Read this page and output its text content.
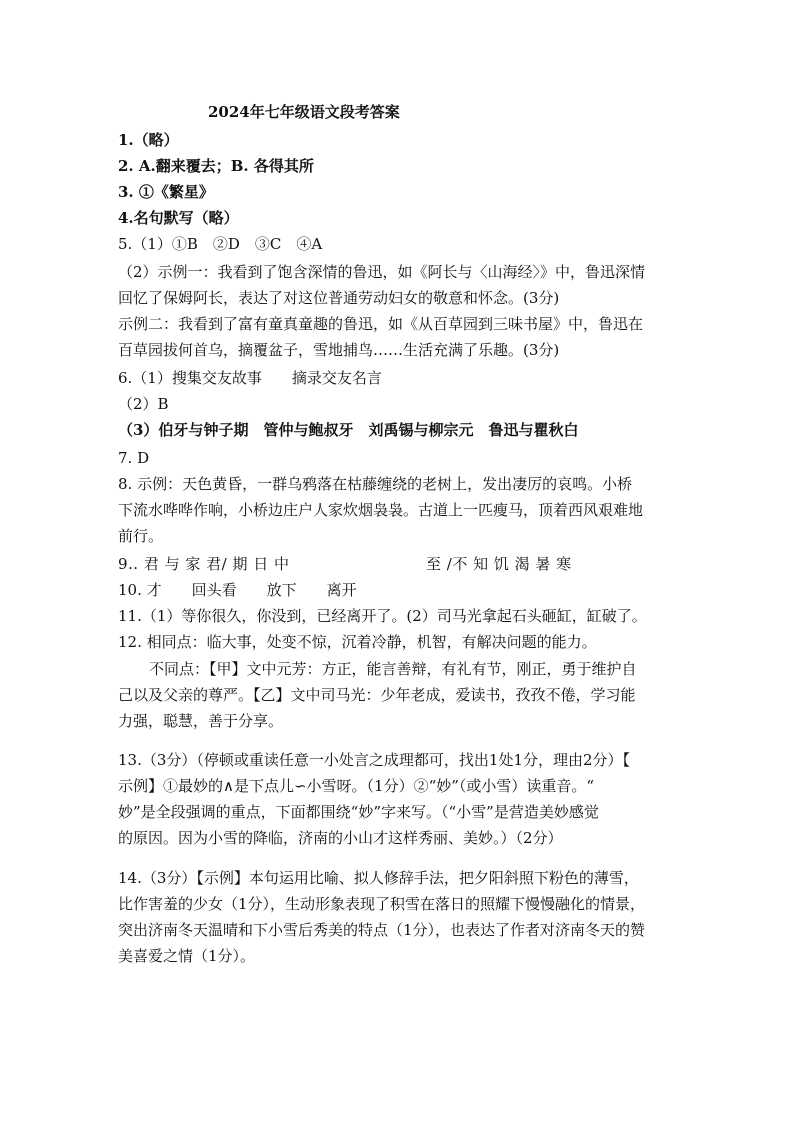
2024年七年级语文段考答案
1.（略）
2. A.翻来覆去；B. 各得其所
3. ①《繁星》
4.名句默写（略）
5.（1）①B　②D　③C　④A
（2）示例一：我看到了饱含深情的鲁迅，如《阿长与〈山海经〉》中，鲁迅深情
回忆了保姆阿长，表达了对这位普通劳动妇女的敬意和怀念。(3分)
示例二：我看到了富有童真童趣的鲁迅，如《从百草园到三味书屋》中，鲁迅在
百草园拔何首乌，摘覆盆子，雪地捕鸟……生活充满了乐趣。(3分)
6.（1）搜集交友故事　　摘录交友名言
（2）B
（3）伯牙与钟子期　管仲与鲍叔牙　刘禹锡与柳宗元　鲁迅与瞿秋白
7. D
8. 示例：天色黄昏，一群乌鸦落在枯藤缠绕的老树上，发出凄厉的哀鸣。小桥
下流水哗哗作响，小桥边庄户人家炊烟袅袅。古道上一匹瘦马，顶着西风艰难地
前行。
9.. 君 与 家 君/ 期 日 中	至 /不 知 饥 渴 暑 寒
10. 才　　回头看　　放下　　离开
11.（1）等你很久，你没到，已经离开了。(2）司马光拿起石头砸缸，缸破了。
12. 相同点：临大事，处变不惊，沉着冷静，机智，有解决问题的能力。
不同点：【甲】文中元芳：方正，能言善辩，有礼有节，刚正，勇于维护自
己以及父亲的尊严。【乙】文中司马光：少年老成，爱读书，孜孜不倦，学习能
力强，聪慧，善于分享。
13.（3分）（停顿或重读任意一小处言之成理都可，找出1处1分，理由2分）【
示例】①最妙的∧是下点儿∽小雪呀。（1分）②“妙”（或小雪）读重音。“
妙”是全段强调的重点，下面都围绕“妙”字来写。（“小雪”是营造美妙感觉
的原因。因为小雪的降临，济南的小山才这样秀丽、美妙。）（2分）
14.（3分）【示例】本句运用比喻、拟人修辞手法，把夕阳斜照下粉色的薄雪，
比作害羞的少女（1分），生动形象表现了积雪在落日的照耀下慢慢融化的情景，
突出济南冬天温晴和下小雪后秀美的特点（1分），也表达了作者对济南冬天的赞
美喜爱之情（1分）。
